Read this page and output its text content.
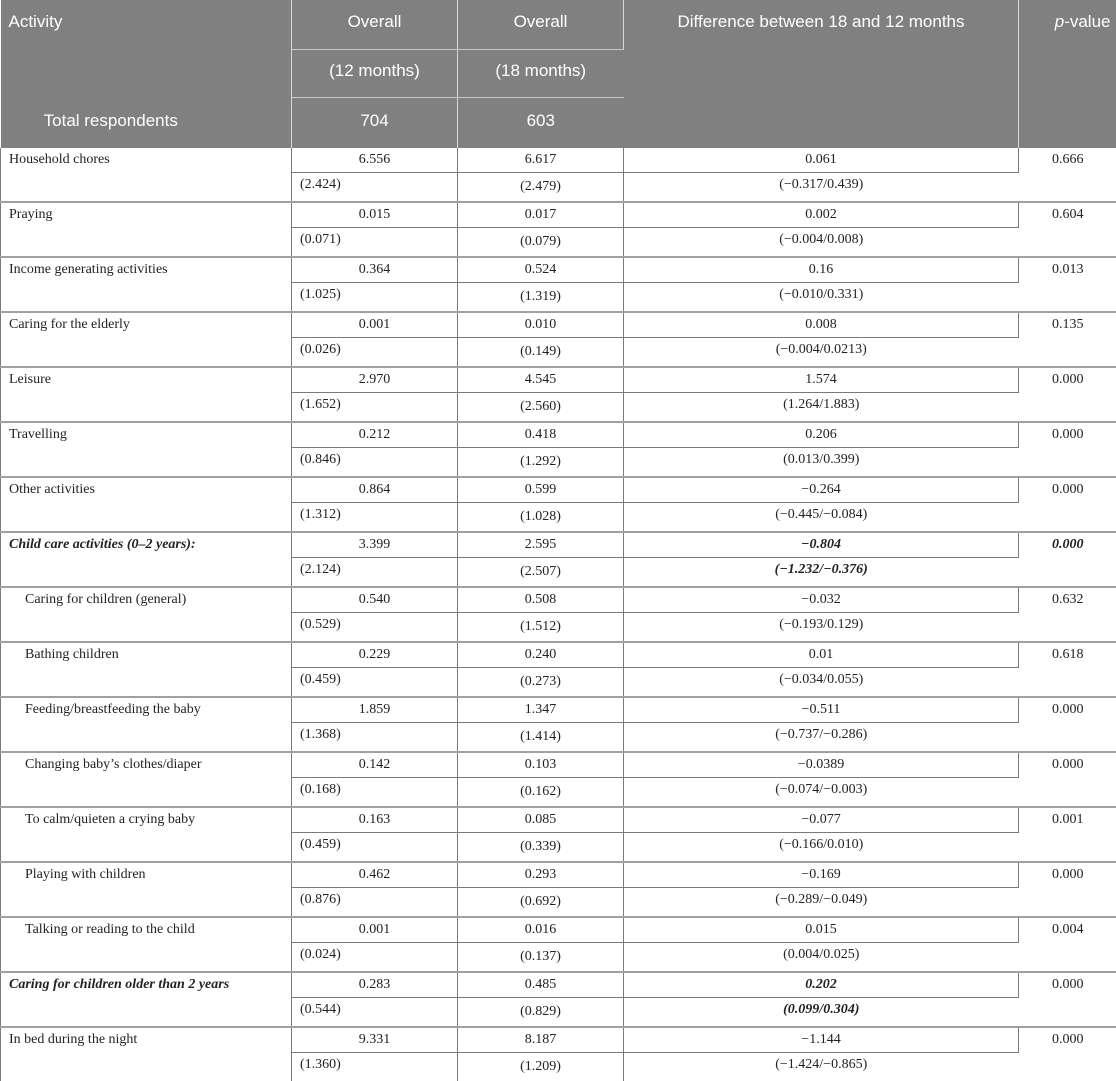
Activity	Overall	Overall	Difference between 18 and 12 months	p-value
	(12 months)	(18 months)		
Total respondents	704	603		
Household chores	6.556	6.617	0.061	0.666
	(2.424)	(2.479)	(−0.317/0.439)	
Praying	0.015	0.017	0.002	0.604
	(0.071)	(0.079)	(−0.004/0.008)	
Income generating activities	0.364	0.524	0.16	0.013
	(1.025)	(1.319)	(−0.010/0.331)	
Caring for the elderly	0.001	0.010	0.008	0.135
	(0.026)	(0.149)	(−0.004/0.0213)	
Leisure	2.970	4.545	1.574	0.000
	(1.652)	(2.560)	(1.264/1.883)	
Travelling	0.212	0.418	0.206	0.000
	(0.846)	(1.292)	(0.013/0.399)	
Other activities	0.864	0.599	−0.264	0.000
	(1.312)	(1.028)	(−0.445/−0.084)	
Child care activities (0–2 years):	3.399	2.595	−0.804	0.000
	(2.124)	(2.507)	(−1.232/−0.376)	
Caring for children (general)	0.540	0.508	−0.032	0.632
	(0.529)	(1.512)	(−0.193/0.129)	
Bathing children	0.229	0.240	0.01	0.618
	(0.459)	(0.273)	(−0.034/0.055)	
Feeding/breastfeeding the baby	1.859	1.347	−0.511	0.000
	(1.368)	(1.414)	(−0.737/−0.286)	
Changing baby’s clothes/diaper	0.142	0.103	−0.0389	0.000
	(0.168)	(0.162)	(−0.074/−0.003)	
To calm/quieten a crying baby	0.163	0.085	−0.077	0.001
	(0.459)	(0.339)	(−0.166/0.010)	
Playing with children	0.462	0.293	−0.169	0.000
	(0.876)	(0.692)	(−0.289/−0.049)	
Talking or reading to the child	0.001	0.016	0.015	0.004
	(0.024)	(0.137)	(0.004/0.025)	
Caring for children older than 2 years	0.283	0.485	0.202	0.000
	(0.544)	(0.829)	(0.099/0.304)	
In bed during the night	9.331	8.187	−1.144	0.000
	(1.360)	(1.209)	(−1.424/−0.865)	
